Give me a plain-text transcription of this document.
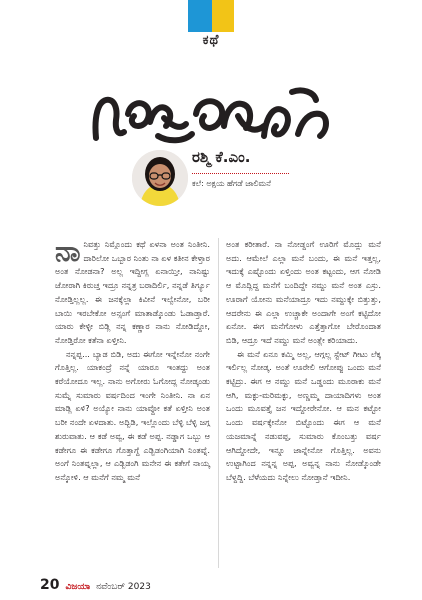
ಕಥೆ
ರಶ್ಮಿ ಕೆ.ಎಂ.
ಕಲೆ: ಅಕ್ಷಯ ಹೆಗಡೆ ಜಾಲಿಮನೆ

ನಾನಿವತ್ತು ನಿಮ್ಗೊಂದು ಕಥೆ ಏಳನಾ ಅಂತ ನಿಂತೀನಿ. ದಾರಿಲೋ ಒಬ್ಬಾರ ನಿಂತು ನಾ ಏಳ ಕತೀನ ಕೇಳ್ತಾರ ಅಂತ ನೋಡನಾ? ಅಲ್ಲ ಇದ್ದೀಗ್ಲ ಏನಾಯ್ತೀ, ನಾನಿಷ್ಟು ಜೋರಾಗಿ ಕಿರುಚ್ತ ಇದ್ರೂ ನನ್ನತ್ರ ಬರಾದಿರ್ಲಿ, ನನ್ನಡೆ ತಿರ್ಗ್ಯೂ ನೋಡ್ತಿಲ್ಲಲ್ಲ. ಈ ಜನಕ್ಕೆಲ್ಲಾ ಕಿವೀನೆ ಇಲ್ವೇನೋ, ಬರೀ ಬಾಯಿ ಇರಬೇಕೋ ಅನ್ಸಂಗೆ ಮಾತಾಡ್ಕೊಂಡು ಓಡಾಡ್ತಾರೆ. ಯಾರು ಕೇಳ್ಳೀ ಬಿಡ್ಲಿ ನನ್ನ ಕಣ್ಣಾರ ನಾನು ನೋಡಿದ್ದೋ, ನೋಡ್ತಿರೋ ಕತೆನಾ ಏಳ್ತೀನಿ.

ನನ್ನಪ್ಪ... ಬ್ಯಾಡ ಬಿಡಿ, ಅದು ಈಗೋ ಇನ್ನೇನೋ ನಂಗೇ ಗೊತ್ತಿಲ್ಲ. ಯಾಕಂದ್ರೆ ನನ್ನೆ ಯಾರೂ ಇಂತದ್ದು ಅಂತ ಕರೆಯೋದೂ ಇಲ್ಲ. ನಾನು ಅಗೋರು ಓಗೋದ್ಲ ನೋಡ್ಕಂಡು ಸುಮ್ನೆ ಸುಮಾರು ವರ್ಷದಿಂದ ಇಂಗೇ ನಿಂತೀನಿ. ನಾ ಏನ ಮಾಡ್ಲಿ ಏಳಿ? ಅಯ್ಯೋ ನಾನು ಯಾವ್ದೋ ಕತೆ ಏಳ್ತೀನಿ ಅಂತ ಬರೀ ನಂದೇ ಏಳದಾತು. ಅದ್ಬಿಡಿ, ಇಲ್ಲೊಂದು ಬೆಳ್ಳಿ ಬೆಳ್ಳಿ ಜಗ್ಗ ಶುರುವಾತು. ಆ ಕಡೆ ಅವ್ವ, ಈ ಕಡೆ ಅಪ್ಪ. ನಡ್ಡಾಗ ಒಬ್ಬು ಆ ಕಡೇಗೂ ಈ ಕಡೇಗೂ ಗೊತ್ತಾಗ್ದೆ ಎಡ್ಬಿಡಂಗಿಯಾಗಿ ನಿಂತವ್ನೆ. ಅಂಗೆ ನಿಂತವ್ನಲ್ಲಾ, ಆ ಎಡ್ಬಿಡಂಗಿ ಮನೇನ ಈ ಕತೇಗೆ ನಾಯ್ಕ ಅನ್ಕೋಳಿ. ಆ ಮನೆಗೆ ನಮ್ಮ ಮನೆ

ಅಂತ ಕರೀತಾರೆ. ನಾ ನೋಡ್ದಂಗೆ ಊರಿಗೆ ಮೊದ್ಲು ಮನೆ ಅದು. ಆಮೇಲೆ ಎಲ್ಲಾ ಮನೆ ಬಂದು, ಈ ಮನೆ ಇತ್ತಲ್ಲ, ಇದುಕ್ಕೆ ಎಷ್ಟೊಂದು ಏಳ್ತಿಂದು ಅಂತ ಕಟ್ಟಂದು, ಆಗ ನೋಡಿ ಆ ಮೊದ್ಲಿದ್ದ ಮನೆಗೆ ಬಂದಿದ್ದೇ ನಮ್ದು ಮನೆ ಅಂತ ಎಸ್ರು. ಊರಾಗೆ ಯೋನು ಮನೆಯಾದ್ರೂ ಇದು ನಮ್ದುಕ್ಕೇ ಬಿತ್ತುತ್ತು, ಆದರೇನು ಈ ಎಲ್ಲಾ ಉಚ್ಚಾಕೇ ಅಂದಾಗೇ ಅಂಗೆ ಕಟ್ಟಿದೋ ಏನೋ. ಈಗ ಮನೆಗೋಳು ಎತ್ತೆತ್ತಾಗೋ ಬೇರೊಂದಾತ ಬಿಡಿ, ಆದ್ರೂ ಇದೆ ನಮ್ದು ಮನೆ ಅಂತ್ಲೇ ಕರಿಯಾದು.

ಈ ಮನೆ ಏನೂ ಕಮ್ಮಿ ಅಲ್ಲ, ಆಗ್ಗಲ್ಲ ಸ್ಟೇಟ್ ಗೀಟು ಲೆಕ್ಕ ಇರ್ಲಿಲ್ಲ ನೋಡ್ಕ. ಅಂತೆ ಊರೇಲಿ ಆಗೋಪ್ಪು ಒಂದು ಮನೆ ಕಟ್ಟಿದ್ರು. ಈಗ ಆ ನಮ್ದು ಮನೆ ಒಡ್ಡಂದು ಮೂರಾಕು ಮನೆ ಆಗಿ, ಮಕ್ಳು-ಮರಿಮಕ್ಳು, ಅಣ್ಣಮ್ಮ ದಾಯಾದಿಗಳು ಅಂತ ಒಂದು ಮೂವತ್ತೈ ಜನ ಇದ್ದೋರೇನೋ. ಆ ಮನ ಕಟ್ಟೋ ಒಂದು ವರ್ಷಕ್ಕೇನೋ ಬಿಟ್ಟೊಂದು ಈಗ ಆ ಮನೆ ಯಜಮಾನ್ನೆ ನಡುವಪ್ಪ, ಸುಮಾರು ಕೊಂಬತ್ತು ವರ್ಷ ಆಗಿದ್ದೋದೇ, ಇನ್ನೂ ಜಾನ್ನೇನೋ ಗೊತ್ತಿಲ್ಲ. ಅವನು ಉಟ್ಟಾಗಿಂದ ನನ್ನನ್ನ ಅಪ್ಪ, ಅವ್ವನ್ನ ನಾನು ನೋಡ್ಕೊಂಡೇ ಬೆಳ್ದದ್ದಿ. ಬೆಳೆಯದು ನಿನ್ನೇಲು ನೋಡ್ತಾನೆ ಇದೀನಿ.

20 ವಿಜಯಾ ನವೆಂಬರ್ 2023
